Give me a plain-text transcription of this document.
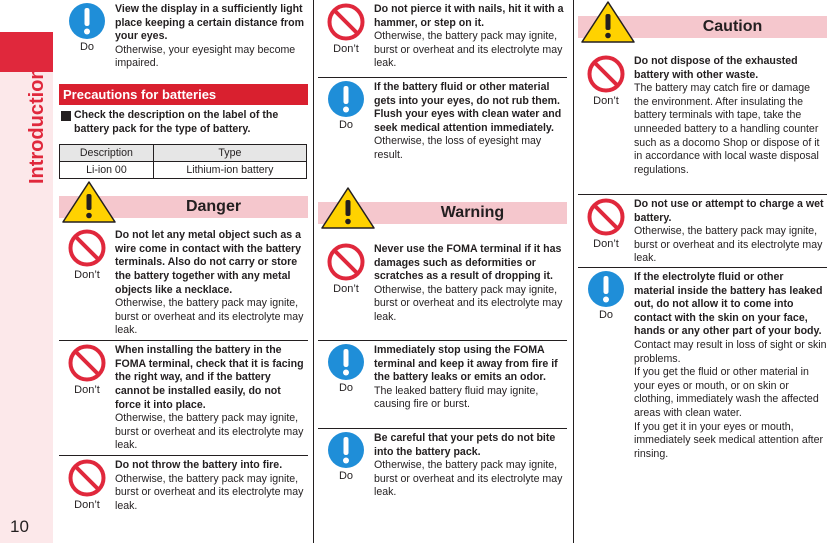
Introduction
10
Do
View the display in a sufficiently light place keeping a certain distance from your eyes.

Otherwise, your eyesight may become impaired.

Precautions for batteries
Check the description on the label of the battery pack for the type of battery.
Description	Type
Li-ion 00	Lithium-ion battery
Danger
Don’t
Do not let any metal object such as a wire come in contact with the battery terminals. Also do not carry or store the battery together with any metal objects like a necklace.

Otherwise, the battery pack may ignite, burst or overheat and its electrolyte may leak.

Don’t
When installing the battery in the FOMA terminal, check that it is facing the right way, and if the battery cannot be installed easily, do not force it into place.

Otherwise, the battery pack may ignite, burst or overheat and its electrolyte may leak.

Don’t
Do not throw the battery into fire.

Otherwise, the battery pack may ignite, burst or overheat and its electrolyte may leak.

Don’t
Do not pierce it with nails, hit it with a hammer, or step on it.

Otherwise, the battery pack may ignite, burst or overheat and its electrolyte may leak.

Do
If the battery fluid or other material gets into your eyes, do not rub them. Flush your eyes with clean water and seek medical attention immediately.

Otherwise, the loss of eyesight may result.

Warning
Don’t
Never use the FOMA terminal if it has damages such as deformities or scratches as a result of dropping it.

Otherwise, the battery pack may ignite, burst or overheat and its electrolyte may leak.

Do
Immediately stop using the FOMA terminal and keep it away from fire if the battery leaks or emits an odor.

The leaked battery fluid may ignite, causing fire or burst.

Do
Be careful that your pets do not bite into the battery pack.

Otherwise, the battery pack may ignite, burst or overheat and its electrolyte may leak.

Caution
Don’t
Do not dispose of the exhausted battery with other waste.

The battery may catch fire or damage the environment. After insulating the battery terminals with tape, take the unneeded battery to a handling counter such as a docomo Shop or dispose of it in accordance with local waste disposal regulations.

Don’t
Do not use or attempt to charge a wet battery.

Otherwise, the battery pack may ignite, burst or overheat and its electrolyte may leak.

Do
If the electrolyte fluid or other material inside the battery has leaked out, do not allow it to come into contact with the skin on your face, hands or any other part of your body.

Contact may result in loss of sight or skin problems.

If you get the fluid or other material in your eyes or mouth, or on skin or clothing, immediately wash the affected areas with clean water.

If you get it in your eyes or mouth, immediately seek medical attention after rinsing.
